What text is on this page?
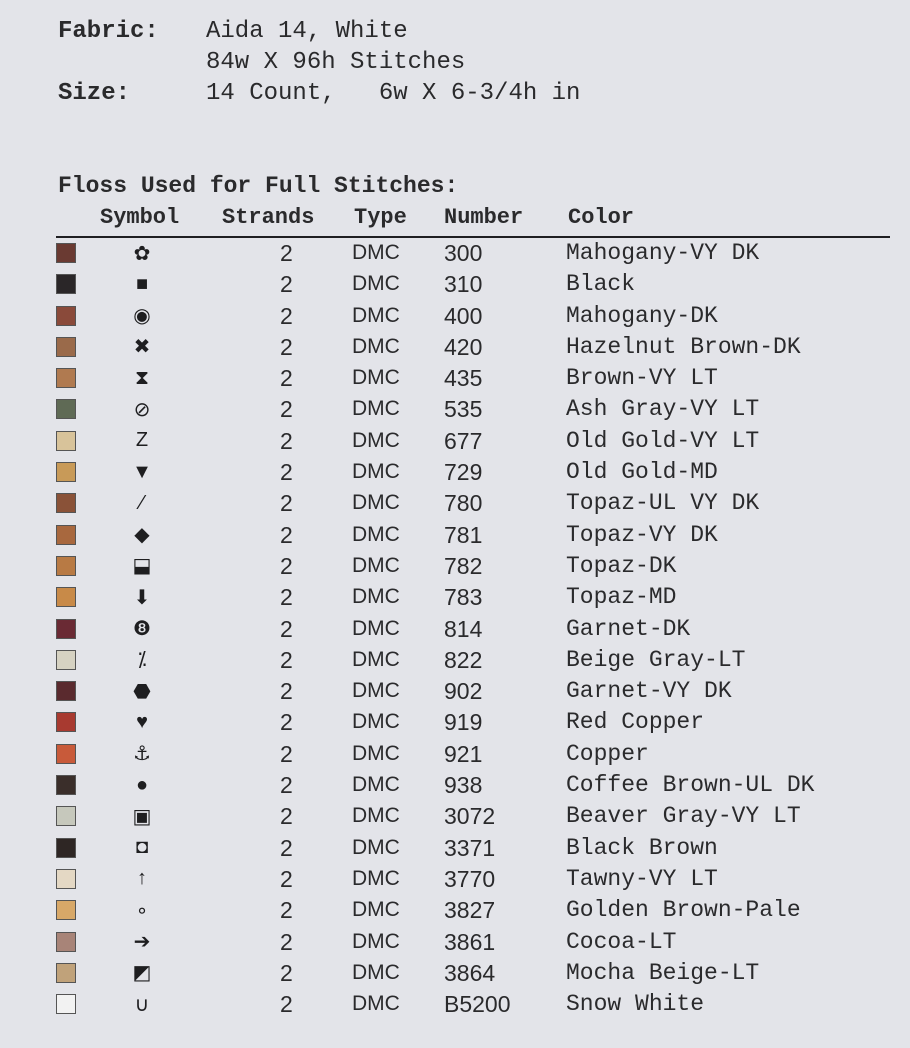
Fabric:	Aida 14, White
84w X 96h Stitches
Size:	14 Count,   6w X 6-3/4h in
Floss Used for Full Stitches:
Symbol Strands Type Number Color
✿	2	DMC 300	Mahogany-VY DK
■	2	DMC 310	Black
◉	2	DMC 400	Mahogany-DK
✖	2	DMC 420	Hazelnut Brown-DK
⧗	2	DMC 435	Brown-VY LT
⊘	2	DMC 535	Ash Gray-VY LT
Z	2	DMC 677	Old Gold-VY LT
▼	2	DMC 729	Old Gold-MD
⁄	2	DMC 780	Topaz-UL VY DK
◆	2	DMC 781	Topaz-VY DK
⬓	2	DMC 782	Topaz-DK
⬇	2	DMC 783	Topaz-MD
❽	2	DMC 814	Garnet-DK
⁒	2	DMC 822	Beige Gray-LT
⬣	2	DMC 902	Garnet-VY DK
♥	2	DMC 919	Red Copper
⚓	2	DMC 921	Copper
●	2	DMC 938	Coffee Brown-UL DK
▣	2	DMC 3072	Beaver Gray-VY LT
◘	2	DMC 3371	Black Brown
↑	2	DMC 3770	Tawny-VY LT
∘	2	DMC 3827	Golden Brown-Pale
➔	2	DMC 3861	Cocoa-LT
◩	2	DMC 3864	Mocha Beige-LT
∪	2	DMC B5200 Snow White
